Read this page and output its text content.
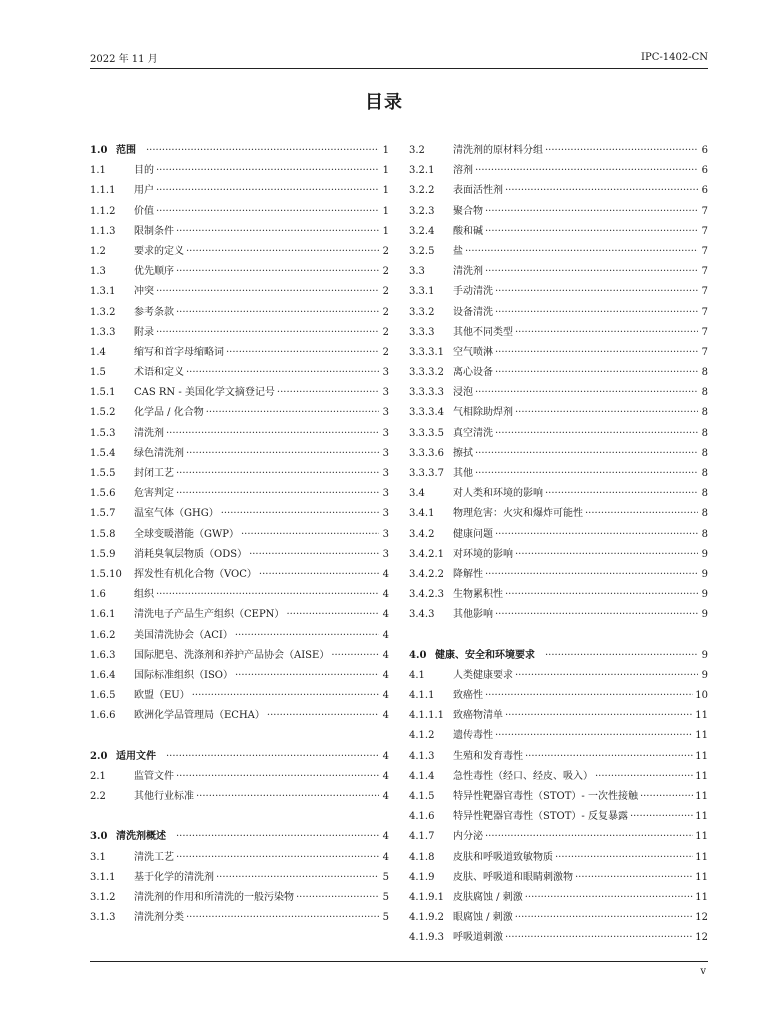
2022 年 11 月	IPC-1402-CN
目录
1.0 范围 ·····	1
1.1	目的 ·····	1
1.1.1	用户 ·····	1
1.1.2	价值 ·····	1
1.1.3	限制条件 ·····	1
1.2	要求的定义 ·····	2
1.3	优先顺序 ·····	2
1.3.1	冲突 ·····	2
1.3.2	参考条款 ·····	2
1.3.3	附录 ·····	2
1.4	缩写和首字母缩略词 ·····	2
1.5	术语和定义 ·····	3
1.5.1	CAS RN - 美国化学文摘登记号 ·····	3
1.5.2	化学品 / 化合物 ·····	3
1.5.3	清洗剂 ·····	3
1.5.4	绿色清洗剂 ·····	3
1.5.5	封闭工艺 ·····	3
1.5.6	危害判定 ·····	3
1.5.7	温室气体（GHG） ·····	3
1.5.8	全球变暖潜能（GWP） ·····	3
1.5.9	消耗臭氧层物质（ODS） ·····	3
1.5.10	挥发性有机化合物（VOC） ·····	4
1.6	组织 ·····	4
1.6.1	清洗电子产品生产组织（CEPN） ·····	4
1.6.2	美国清洗协会（ACI） ·····	4
1.6.3	国际肥皂、洗涤剂和养护产品协会（AISE） ·····	4
1.6.4	国际标准组织（ISO） ·····	4
1.6.5	欧盟（EU） ·····	4
1.6.6	欧洲化学品管理局（ECHA） ·····	4
2.0 适用文件 ·····	4
2.1	监管文件 ·····	4
2.2	其他行业标准 ·····	4
3.0 清洗剂概述 ·····	4
3.1	清洗工艺 ·····	4
3.1.1	基于化学的清洗剂 ·····	5
3.1.2	清洗剂的作用和所清洗的一般污染物 ·····	5
3.1.3	清洗剂分类 ·····	5
3.2	清洗剂的原材料分组 ·····	6
3.2.1	溶剂 ·····	6
3.2.2	表面活性剂 ·····	6
3.2.3	聚合物 ·····	7
3.2.4	酸和碱 ·····	7
3.2.5	盐 ·····	7
3.3	清洗剂 ·····	7
3.3.1	手动清洗 ·····	7
3.3.2	设备清洗 ·····	7
3.3.3	其他不同类型 ·····	7
3.3.3.1 空气喷淋 ·····	7
3.3.3.2 离心设备 ·····	8
3.3.3.3 浸泡 ·····	8
3.3.3.4 气相除助焊剂 ·····	8
3.3.3.5 真空清洗 ·····	8
3.3.3.6 擦拭 ·····	8
3.3.3.7 其他 ·····	8
3.4	对人类和环境的影响 ·····	8
3.4.1	物理危害：火灾和爆炸可能性 ·····	8
3.4.2	健康问题 ·····	8
3.4.2.1 对环境的影响 ·····	9
3.4.2.2 降解性 ·····	9
3.4.2.3 生物累积性 ·····	9
3.4.3	其他影响 ·····	9
4.0 健康、安全和环境要求 ·····	9
4.1	人类健康要求 ·····	9
4.1.1	致癌性 ·····	10
4.1.1.1 致癌物清单 ·····	11
4.1.2	遗传毒性 ·····	11
4.1.3	生殖和发育毒性 ·····	11
4.1.4	急性毒性（经口、经皮、吸入） ·····	11
4.1.5	特异性靶器官毒性（STOT）- 一次性接触 ·····	11
4.1.6	特异性靶器官毒性（STOT）- 反复暴露 ·····	11
4.1.7	内分泌 ·····	11
4.1.8	皮肤和呼吸道致敏物质 ·····	11
4.1.9	皮肤、呼吸道和眼睛刺激物 ·····	11
4.1.9.1 皮肤腐蚀 / 刺激 ·····	11
4.1.9.2 眼腐蚀 / 刺激 ·····	12
4.1.9.3 呼吸道刺激 ·····	12
v
